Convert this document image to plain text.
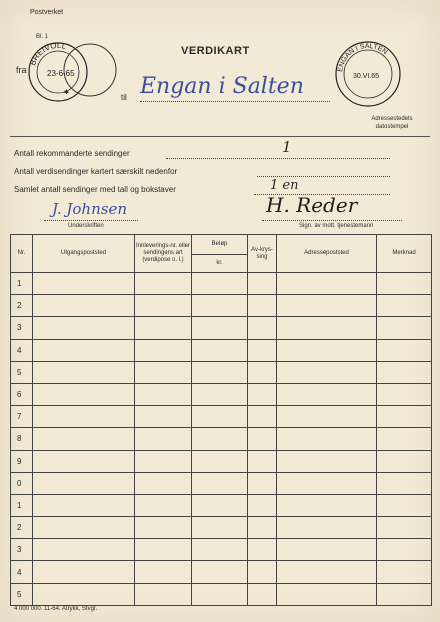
Postverket
Bl. 1
VERDIKART
fra
til Engan i Salten
BREIVOLL
23-6-65
✱
ENGAN I SALTEN
30.VI.65
Adressestedets datostempel
Antall rekommanderte sendinger	1
Antall verdisendinger kartert særskilt nedenfor
Samlet antall sendinger med tall og bokstaver	1 en
J. Johnsen
Underskriften
H. Reder
Sign. av mott. tjenestemann
Nr.	Utgangspoststed	Innleverings-nr. eller sendingens art (verdipose o. l.)	Beløp	Av-krys-sing	Adressepoststed	Merknad
			kr.			
1						
2						
3						
4						
5						
6						
7						
8						
9						
0						
1						
2						
3						
4						
5						
4 000 000. 11-64. Atrykk, Stvgr.
